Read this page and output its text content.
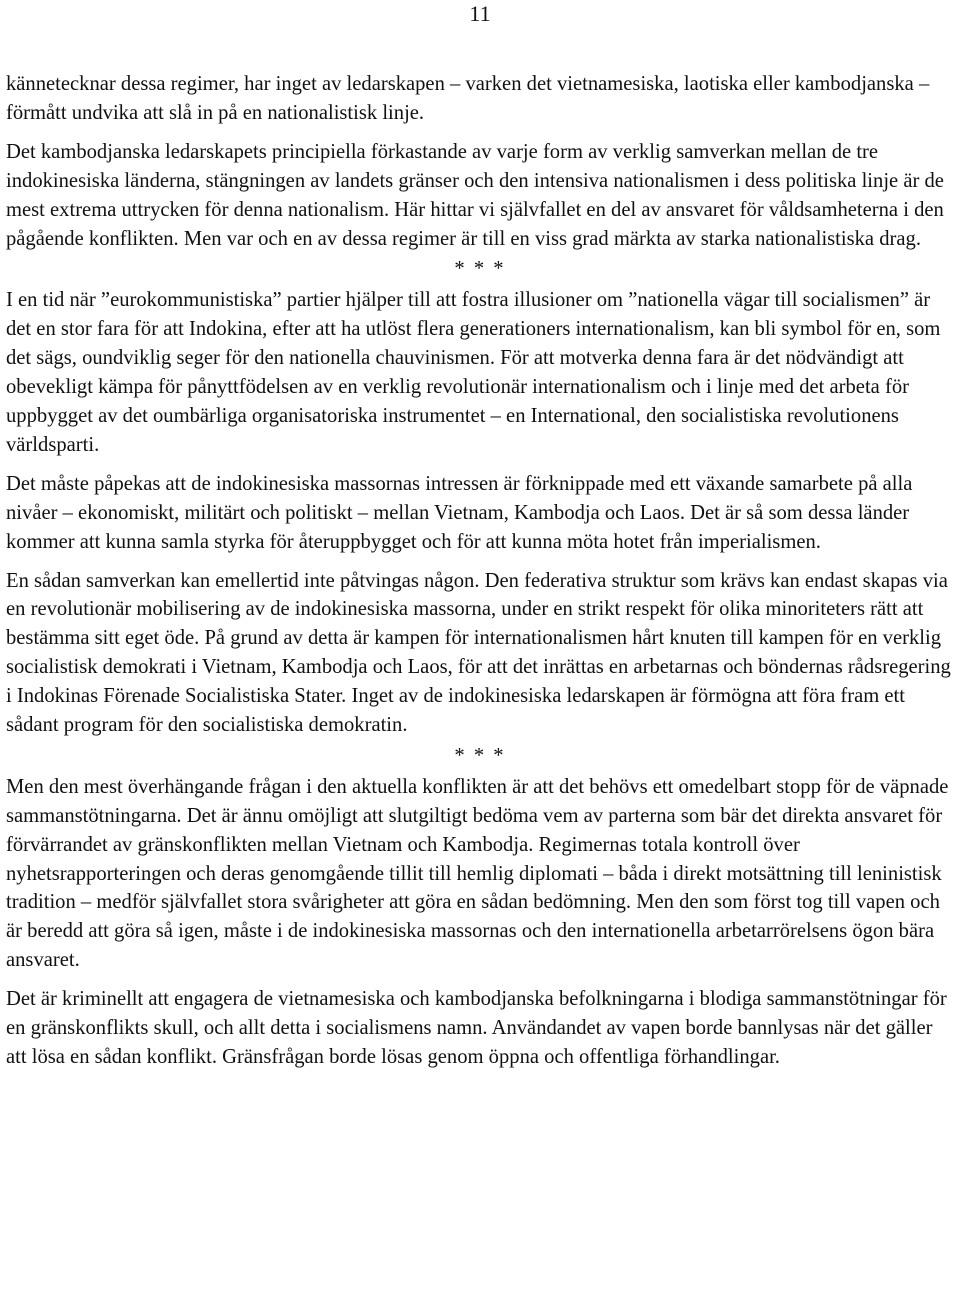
11

kännetecknar dessa regimer, har inget av ledarskapen – varken det vietnamesiska, laotiska eller kambodjanska – förmått undvika att slå in på en nationalistisk linje.

Det kambodjanska ledarskapets principiella förkastande av varje form av verklig samverkan mellan de tre indokinesiska länderna, stängningen av landets gränser och den intensiva nationalismen i dess politiska linje är de mest extrema uttrycken för denna nationalism. Här hittar vi självfallet en del av ansvaret för våldsamheterna i den pågående konflikten. Men var och en av dessa regimer är till en viss grad märkta av starka nationalistiska drag.

* * *

I en tid när ”eurokommunistiska” partier hjälper till att fostra illusioner om ”nationella vägar till socialismen” är det en stor fara för att Indokina, efter att ha utlöst flera generationers internationalism, kan bli symbol för en, som det sägs, oundviklig seger för den nationella chauvinismen. För att motverka denna fara är det nödvändigt att obevekligt kämpa för pånyttfödelsen av en verklig revolutionär internationalism och i linje med det arbeta för uppbygget av det oumbärliga organisatoriska instrumentet – en International, den socialistiska revolutionens världsparti.

Det måste påpekas att de indokinesiska massornas intressen är förknippade med ett växande samarbete på alla nivåer – ekonomiskt, militärt och politiskt – mellan Vietnam, Kambodja och Laos. Det är så som dessa länder kommer att kunna samla styrka för återuppbygget och för att kunna möta hotet från imperialismen.

En sådan samverkan kan emellertid inte påtvingas någon. Den federativa struktur som krävs kan endast skapas via en revolutionär mobilisering av de indokinesiska massorna, under en strikt respekt för olika minoriteters rätt att bestämma sitt eget öde. På grund av detta är kampen för internationalismen hårt knuten till kampen för en verklig socialistisk demokrati i Vietnam, Kambodja och Laos, för att det inrättas en arbetarnas och böndernas rådsregering i Indokinas Förenade Socialistiska Stater. Inget av de indokinesiska ledarskapen är förmögna att föra fram ett sådant program för den socialistiska demokratin.

* * *

Men den mest överhängande frågan i den aktuella konflikten är att det behövs ett omedelbart stopp för de väpnade sammanstötningarna. Det är ännu omöjligt att slutgiltigt bedöma vem av parterna som bär det direkta ansvaret för förvärrandet av gränskonflikten mellan Vietnam och Kambodja. Regimernas totala kontroll över nyhetsrapporteringen och deras genomgående tillit till hemlig diplomati – båda i direkt motsättning till leninistisk tradition – medför självfallet stora svårigheter att göra en sådan bedömning. Men den som först tog till vapen och är beredd att göra så igen, måste i de indokinesiska massornas och den internationella arbetarrörelsens ögon bära ansvaret.

Det är kriminellt att engagera de vietnamesiska och kambodjanska befolkningarna i blodiga sammanstötningar för en gränskonflikts skull, och allt detta i socialismens namn. Användandet av vapen borde bannlysas när det gäller att lösa en sådan konflikt. Gränsfrågan borde lösas genom öppna och offentliga förhandlingar.
